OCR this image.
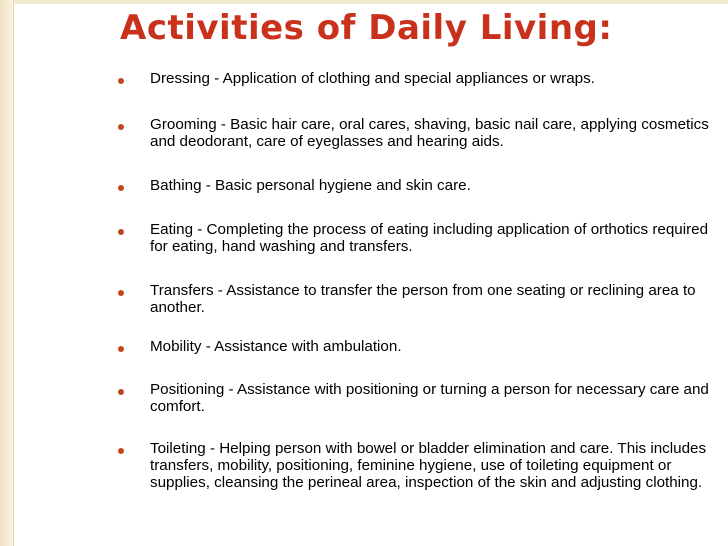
Activities of Daily Living:
Dressing - Application of clothing and special appliances or wraps.
Grooming - Basic hair care, oral cares, shaving, basic nail care, applying cosmetics and deodorant, care of eyeglasses and hearing aids.
Bathing - Basic personal hygiene and skin care.
Eating - Completing the process of eating including application of orthotics required for eating, hand washing and transfers.
Transfers - Assistance to transfer the person from one seating or reclining area to another.
Mobility - Assistance with ambulation.
Positioning - Assistance with positioning or turning a person for necessary care and comfort.
Toileting - Helping person with bowel or bladder elimination and care. This includes transfers, mobility, positioning, feminine hygiene, use of toileting equipment or supplies, cleansing the perineal area, inspection of the skin and adjusting clothing.
